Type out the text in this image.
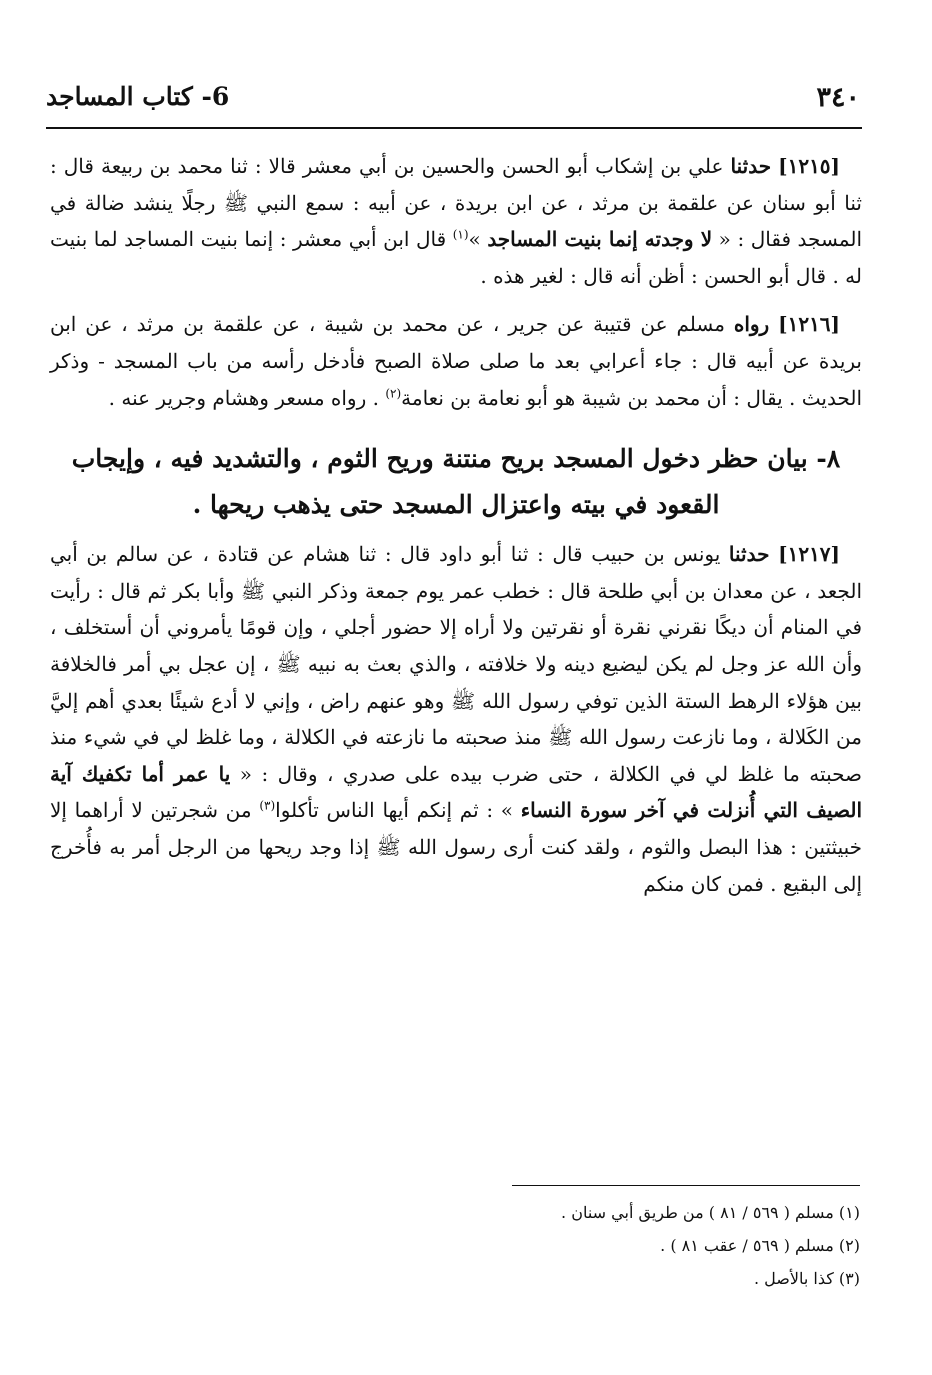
٣٤٠
6- كتاب المساجد

[١٢١٥] حدثنا علي بن إشكاب أبو الحسن والحسين بن أبي معشر قالا : ثنا محمد بن ربيعة قال : ثنا أبو سنان عن علقمة بن مرثد ، عن ابن بريدة ، عن أبيه : سمع النبي ﷺ رجلًا ينشد ضالة في المسجد فقال : « لا وجدته إنما بنيت المساجد »$^{(١)}$ قال ابن أبي معشر : إنما بنيت المساجد لما بنيت له . قال أبو الحسن : أظن أنه قال : لغير هذه .

[١٢١٦] رواه مسلم عن قتيبة عن جرير ، عن محمد بن شيبة ، عن علقمة بن مرثد ، عن ابن بريدة عن أبيه قال : جاء أعرابي بعد ما صلى صلاة الصبح فأدخل رأسه من باب المسجد - وذكر الحديث . يقال : أن محمد بن شيبة هو أبو نعامة بن نعامة$^{(٢)}$ . رواه مسعر وهشام وجرير عنه .

٨- بيان حظر دخول المسجد بريح منتنة وريح الثوم ، والتشديد فيه ، وإيجاب القعود في بيته واعتزال المسجد حتى يذهب ريحها .

[١٢١٧] حدثنا يونس بن حبيب قال : ثنا أبو داود قال : ثنا هشام عن قتادة ، عن سالم بن أبي الجعد ، عن معدان بن أبي طلحة قال : خطب عمر يوم جمعة وذكر النبي ﷺ وأبا بكر ثم قال : رأيت في المنام أن ديكًا نقرني نقرة أو نقرتين ولا أراه إلا حضور أجلي ، وإن قومًا يأمروني أن أستخلف ، وأن الله عز وجل لم يكن ليضيع دينه ولا خلافته ، والذي بعث به نبيه ﷺ ، إن عجل بي أمر فالخلافة بين هؤلاء الرهط الستة الذين توفي رسول الله ﷺ وهو عنهم راض ، وإني لا أدع شيئًا بعدي أهم إليَّ من الكَلالة ، وما نازعت رسول الله ﷺ منذ صحبته ما نازعته في الكلالة ، وما غلظ لي في شيء منذ صحبته ما غلظ لي في الكلالة ، حتى ضرب بيده على صدري ، وقال : « يا عمر أما تكفيك آية الصيف التي أُنزلت في آخر سورة النساء » : ثم إنكم أيها الناس تأكلوا$^{(٣)}$ من شجرتين لا أراهما إلا خبيثتين : هذا البصل والثوم ، ولقد كنت أرى رسول الله ﷺ إذا وجد ريحها من الرجل أمر به فأُخرج إلى البقيع . فمن كان منكم

(١) مسلم ( ٥٦٩ / ٨١ ) من طريق أبي سنان .
(٢) مسلم ( ٥٦٩ / عقب ٨١ ) .
(٣) كذا بالأصل .
